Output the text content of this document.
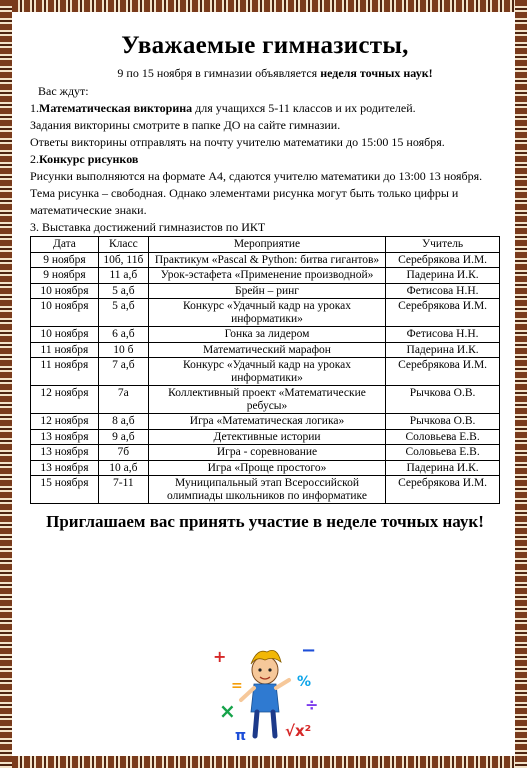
Уважаемые гимназисты,
9 по 15 ноября в гимназии объявляется неделя точных наук!
Вас ждут:
1.Математическая викторина для учащихся 5-11 классов и их родителей.
Задания викторины смотрите в папке ДО на сайте гимназии.
Ответы викторины отправлять на почту учителю математики до 15:00 15 ноября.
2.Конкурс рисунков
Рисунки выполняются на формате А4, сдаются учителю математики до 13:00 13 ноября.
Тема рисунка – свободная. Однако элементами рисунка могут быть только цифры и математические знаки.
3. Выставка достижений гимназистов по ИКТ
Дата	Класс	Мероприятие	Учитель
9 ноября	10б, 11б	Практикум «Pascal & Python: битва гигантов»	Серебрякова И.М.
9 ноября	11 а,б	Урок-эстафета «Применение производной»	Падерина И.К.
10 ноября	5 а,б	Брейн – ринг	Фетисова Н.Н.
10 ноября	5 а,б	Конкурс «Удачный кадр на уроках информатики»	Серебрякова И.М.
10 ноября	6 а,б	Гонка за лидером	Фетисова Н.Н.
11 ноября	10 б	Математический марафон	Падерина И.К.
11 ноября	7 а,б	Конкурс «Удачный кадр на уроках информатики»	Серебрякова И.М.
12 ноября	7а	Коллективный проект «Математические ребусы»	Рычкова О.В.
12 ноября	8 а,б	Игра «Математическая логика»	Рычкова О.В.
13 ноября	9 а,б	Детективные истории	Соловьева Е.В.
13 ноября	7б	Игра - соревнование	Соловьева Е.В.
13 ноября	10 а,б	Игра «Проще простого»	Падерина И.К.
15 ноября	7-11	Муниципальный этап Всероссийской олимпиады школьников по информатике	Серебрякова И.М.
Приглашаем вас принять участие в неделе точных наук!
+	−
×	÷
=	%
√x²
π
